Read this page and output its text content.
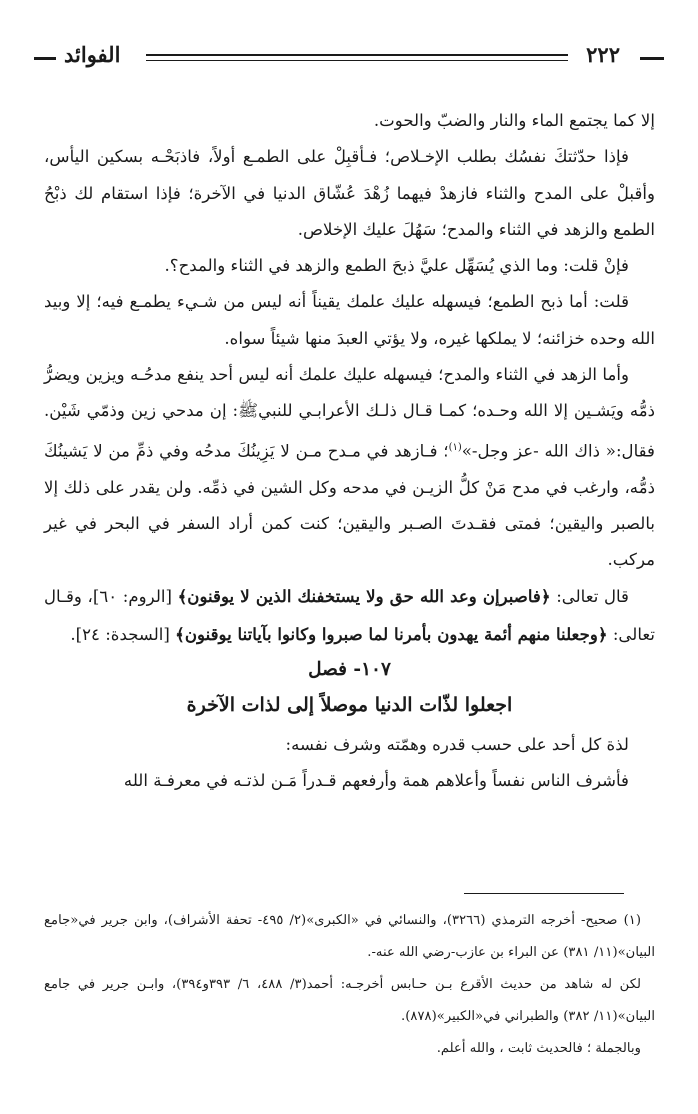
٢٢٢
الفوائد

إلا كما يجتمع الماء والنار والضبّ والحوت.

فإذا حدّثتكَ نفسُك بطلب الإخـلاص؛ فـأقبِلْ على الطمـع أولاً، فاذبَحْـه بسكين اليأس، وأقبلْ على المدح والثناء فازهدْ فيهما زُهْدَ عُشّاق الدنيا في الآخرة؛ فإذا استقام لك ذبْحُ الطمع والزهد في الثناء والمدح؛ سَهُلَ عليك الإخلاص.

فإنْ قلت: وما الذي يُسَهِّل عليَّ ذبحَ الطمع والزهد في الثناء والمدح؟.

قلت: أما ذبح الطمع؛ فيسهله عليك علمك يقيناً أنه ليس من شـيء يطمـع فيه؛ إلا وبيد الله وحده خزائنه؛ لا يملكها غيره، ولا يؤتي العبدَ منها شيئاً سواه.

وأما الزهد في الثناء والمدح؛ فيسهله عليك علمك أنه ليس أحد ينفع مدحُـه ويزين ويضرُّ ذمُّه ويَشـين إلا الله وحـده؛ كمـا قـال ذلـك الأعرابـي للنبيﷺ: إن مدحي زين وذمّي شَيْن. فقال:« ذاك الله -عز وجل-»$^{(١)}$؛ فـازهد في مـدح مـن لا يَزِينُكَ مدحُه وفي ذمِّ من لا يَشينُكَ ذمُّه، وارغب في مدح مَنْ كلُّ الزيـن في مدحه وكل الشين في ذمِّه. ولن يقدر على ذلك إلا بالصبر واليقين؛ فمتى فقـدتَ الصـبر واليقين؛ كنت كمن أراد السفر في البحر في غير مركب.

قال تعالى: ﴿فاصبرإن وعد الله حق ولا يستخفنك الذين لا يوقنون﴾ [الروم: ٦٠]، وقـال تعالى: ﴿وجعلنا منهم أئمة يهدون بأمرنا لما صبروا وكانوا بآياتنا يوقنون﴾ [السجدة: ٢٤].

١٠٧- فصل

اجعلوا لذّات الدنيا موصلاً إلى لذات الآخرة

لذة كل أحد على حسب قدره وهمّته وشرف نفسه:

فأشرف الناس نفساً وأعلاهم همة وأرفعهم قـدراً مَـن لذتـه في معرفـة الله

(١) صحيح- أخرجه الترمذي (٣٢٦٦)، والنسائي في «الكبرى»(٢/ ٤٩٥- تحفة الأشراف)، وابن جرير في«جامع البيان»(١١/ ٣٨١) عن البراء بن عازب-رضي الله عنه-.

لكن له شاهد من حديث الأقرع بـن حـابس أخرجـه: أحمد(٣/ ٤٨٨، ٦/ ٣٩٣و٣٩٤)، وابـن جرير في جامع البيان»(١١/ ٣٨٢) والطبراني في«الكبير»(٨٧٨).

وبالجملة ؛ فالحديث ثابت ، والله أعلم.
